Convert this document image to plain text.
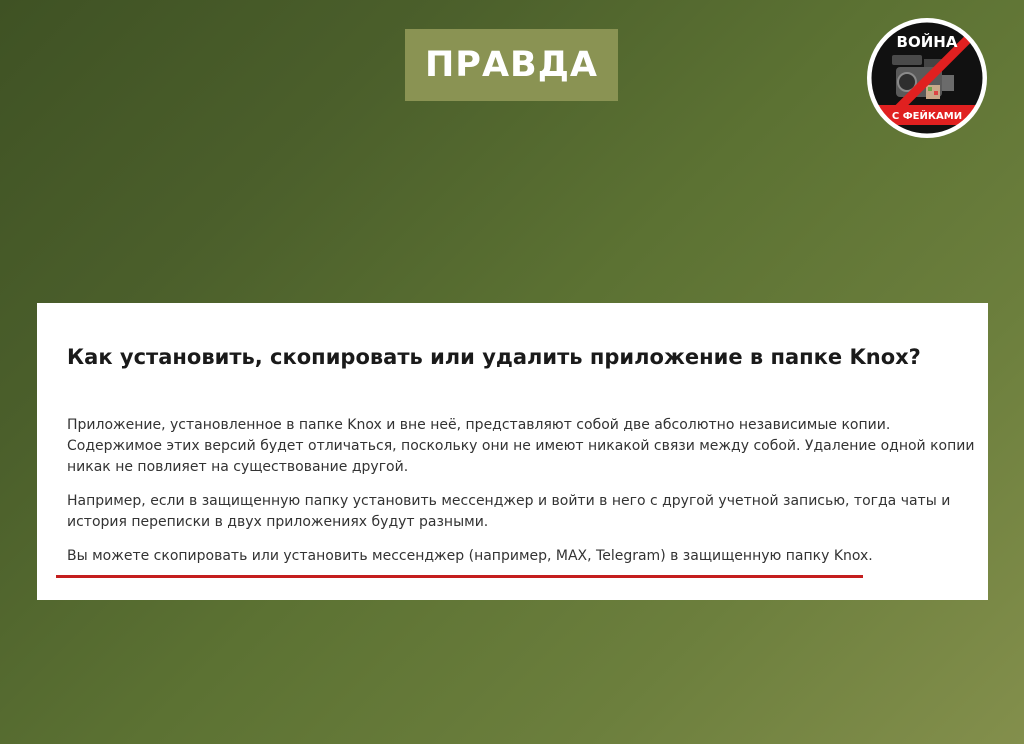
ПРАВДА
ВОЙНА
С ФЕЙКАМИ
Как установить, скопировать или удалить приложение в папке Knox?

Приложение, установленное в папке Knox и вне неё, представляют собой две абсолютно независимые копии. Содержимое этих версий будет отличаться, поскольку они не имеют никакой связи между собой. Удаление одной копии никак не повлияет на существование другой.

Например, если в защищенную папку установить мессенджер и войти в него с другой учетной записью, тогда чаты и история переписки в двух приложениях будут разными.

Вы можете скопировать или установить мессенджер (например, MAX, Telegram) в защищенную папку Knox.
